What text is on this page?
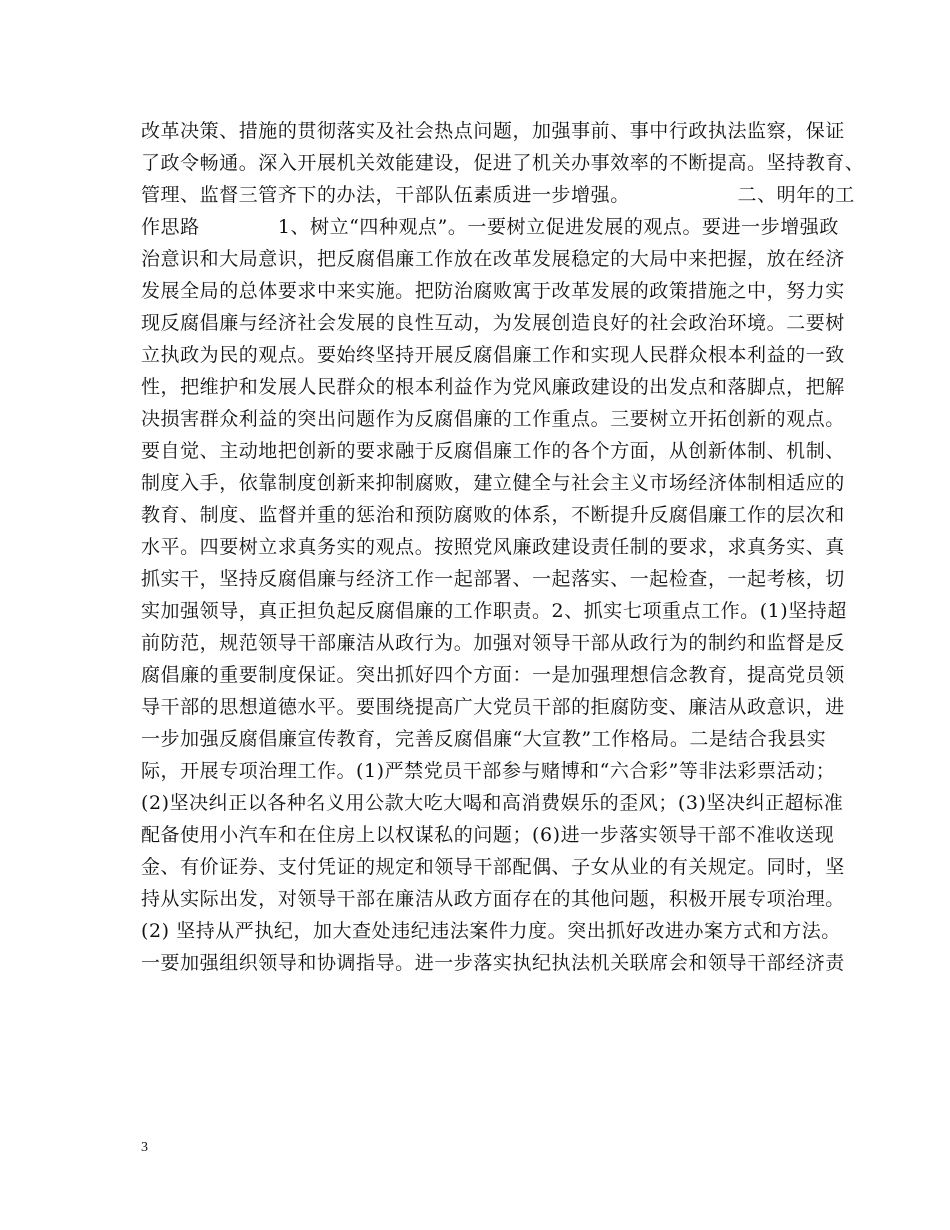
改革决策、措施的贯彻落实及社会热点问题，加强事前、事中行政执法监察，保证
了政令畅通。深入开展机关效能建设，促进了机关办事效率的不断提高。坚持教育、
管理、监督三管齐下的办法，干部队伍素质进一步增强。　　　　　　二、明年的工
作思路　　　　1、树立“四种观点”。一要树立促进发展的观点。要进一步增强政
治意识和大局意识，把反腐倡廉工作放在改革发展稳定的大局中来把握，放在经济
发展全局的总体要求中来实施。把防治腐败寓于改革发展的政策措施之中，努力实
现反腐倡廉与经济社会发展的良性互动，为发展创造良好的社会政治环境。二要树
立执政为民的观点。要始终坚持开展反腐倡廉工作和实现人民群众根本利益的一致
性，把维护和发展人民群众的根本利益作为党风廉政建设的出发点和落脚点，把解
决损害群众利益的突出问题作为反腐倡廉的工作重点。三要树立开拓创新的观点。
要自觉、主动地把创新的要求融于反腐倡廉工作的各个方面，从创新体制、机制、
制度入手，依靠制度创新来抑制腐败，建立健全与社会主义市场经济体制相适应的
教育、制度、监督并重的惩治和预防腐败的体系，不断提升反腐倡廉工作的层次和
水平。四要树立求真务实的观点。按照党风廉政建设责任制的要求，求真务实、真
抓实干，坚持反腐倡廉与经济工作一起部署、一起落实、一起检查，一起考核，切
实加强领导，真正担负起反腐倡廉的工作职责。2、抓实七项重点工作。(1)坚持超
前防范，规范领导干部廉洁从政行为。加强对领导干部从政行为的制约和监督是反
腐倡廉的重要制度保证。突出抓好四个方面：一是加强理想信念教育，提高党员领
导干部的思想道德水平。要围绕提高广大党员干部的拒腐防变、廉洁从政意识，进
一步加强反腐倡廉宣传教育，完善反腐倡廉“大宣教”工作格局。二是结合我县实
际，开展专项治理工作。(1)严禁党员干部参与赌博和“六合彩”等非法彩票活动；
(2)坚决纠正以各种名义用公款大吃大喝和高消费娱乐的歪风；(3)坚决纠正超标准
配备使用小汽车和在住房上以权谋私的问题；(6)进一步落实领导干部不准收送现
金、有价证券、支付凭证的规定和领导干部配偶、子女从业的有关规定。同时，坚
持从实际出发，对领导干部在廉洁从政方面存在的其他问题，积极开展专项治理。
(2) 坚持从严执纪，加大查处违纪违法案件力度。突出抓好改进办案方式和方法。
一要加强组织领导和协调指导。进一步落实执纪执法机关联席会和领导干部经济责
3
